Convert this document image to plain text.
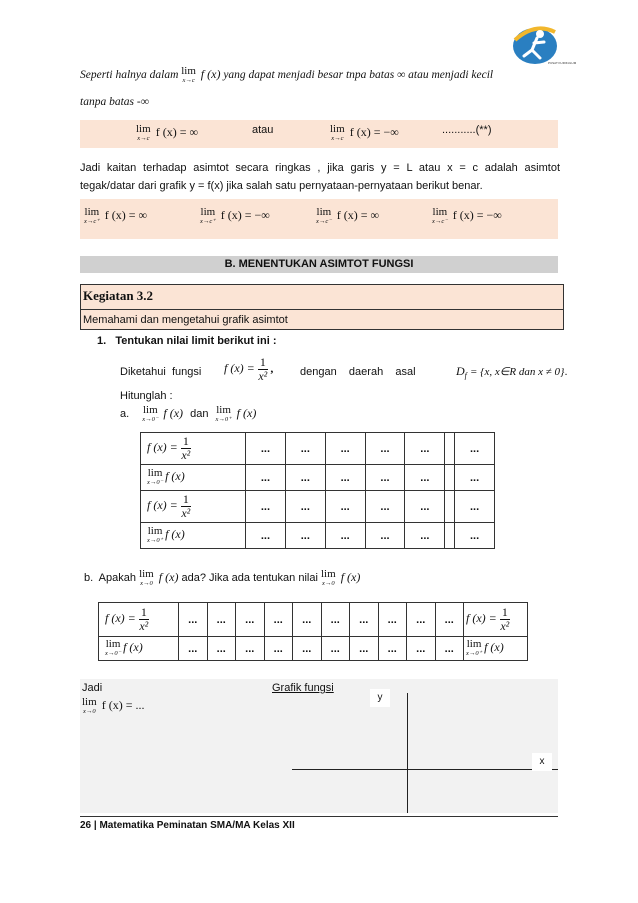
PUSAT KURIKULUM
Seperti halnya dalam lim
x→c f (x) yang dapat menjadi besar tnpa batas ∞ atau menjadi kecil
tanpa batas -∞
lim
x→c f (x) = ∞	atau	lim
x→c f (x) = −∞	...........(**)
Jadi kaitan terhadap asimtot secara ringkas , jika garis y = L atau x = c adalah asimtot
tegak/datar dari grafik y = f(x) jika salah satu pernyataan-pernyataan berikut benar.
lim
x→c⁺ f (x) = ∞	lim
x→c⁺ f (x) = −∞	lim
x→c⁻ f (x) = ∞	lim
x→c⁻ f (x) = −∞
B. MENENTUKAN ASIMTOT FUNGSI
Kegiatan 3.2
Memahami dan mengetahui grafik asimtot
1.   Tentukan nilai limit berikut ini :
Diketahui  fungsi f $(x) = \frac{1}{\text{x²}}$ , dengan    daerah    asal	$D_f = \{x$, x∈R dan x ≠ 0}.
Hitunglah :
a. lim
x→0⁻ f (x) dan lim
x→0⁺ f (x)
f $(x) = \frac{1}{\text{x²}}$	...	...	...	...	...		...

lim
x→0⁻ f (x)	...	...	...	...	...		...
f $(x) = \frac{1}{\text{x²}}$	...	...	...	...	...		...

lim
x→0⁺ f (x)	...	...	...	...	...		...
b.  Apakah lim
x→0 f (x) ada? Jika ada tentukan nilai lim
x→0 f (x)
f $(x) = \frac{1}{\text{x²}}$	...	...	...	...	...	...	...	...	...	...	f $(x) = \frac{1}{\text{x²}}$

lim
x→0⁻ f (x)	...	...	...	...	...	...	...	...	...	...	lim
x→0⁺ f (x)
Jadi
lim
x→0 f (x) = ...
Grafik fungsi
y
x
26 | Matematika Peminatan SMA/MA Kelas XII
